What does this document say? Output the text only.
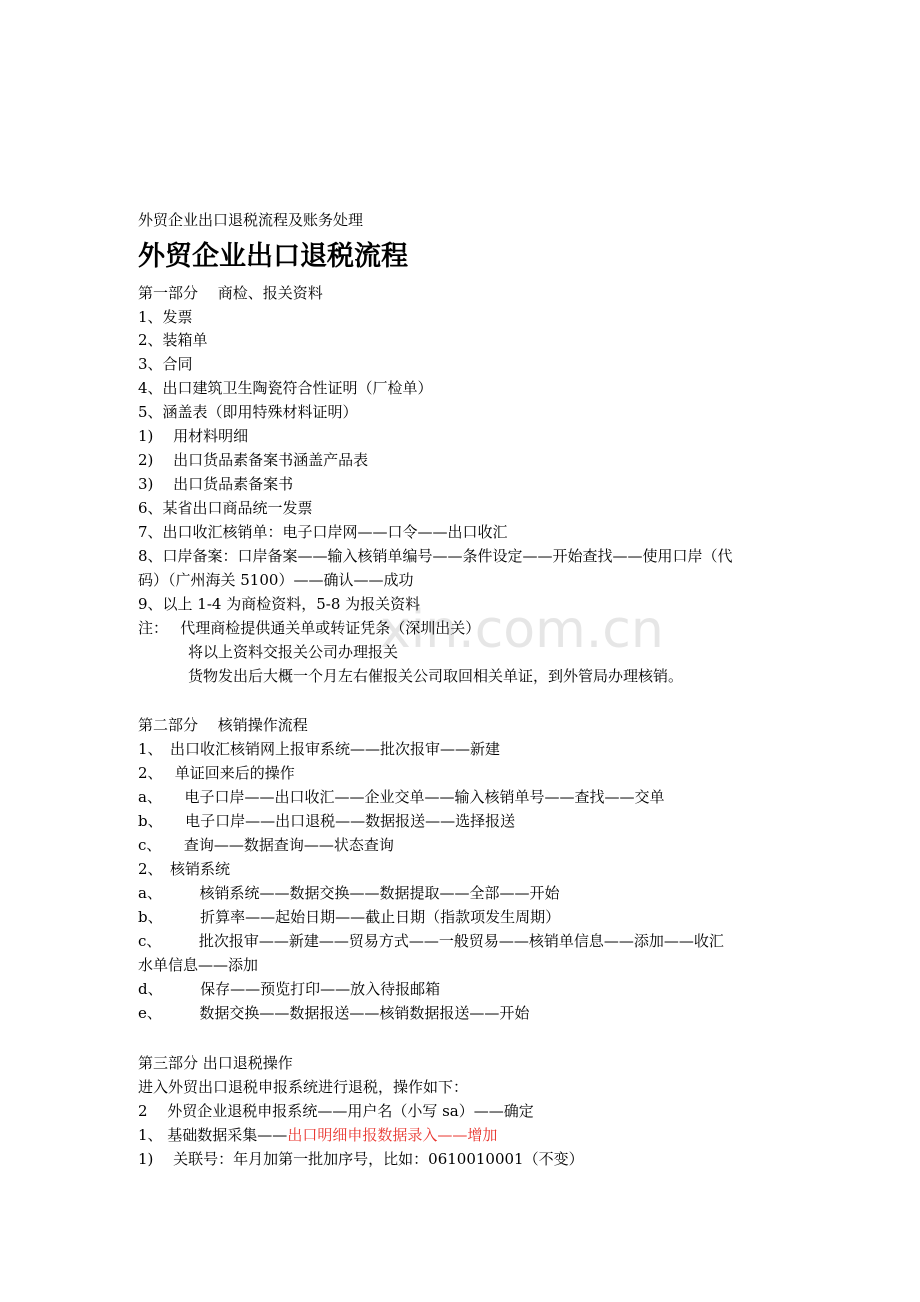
xin.com.cn
外贸企业出口退税流程及账务处理
外贸企业出口退税流程
第一部分　 商检、报关资料
1、发票
2、装箱单
3、合同
4、出口建筑卫生陶瓷符合性证明（厂检单）
5、涵盖表（即用特殊材料证明）
1)　 用材料明细
2)　 出口货品素备案书涵盖产品表
3)　 出口货品素备案书
6、某省出口商品统一发票
7、出口收汇核销单：电子口岸网——口令——出口收汇
8、口岸备案：口岸备案——输入核销单编号——条件设定——开始查找——使用口岸（代
码）（广州海关 5100）——确认——成功
9、以上 1-4 为商检资料，5-8 为报关资料
注：　 代理商检提供通关单或转证凭条（深圳出关）
将以上资料交报关公司办理报关
货物发出后大概一个月左右催报关公司取回相关单证，到外管局办理核销。
第二部分　 核销操作流程
1、　出口收汇核销网上报审系统——批次报审——新建
2、　 单证回来后的操作
a、　　电子口岸——出口收汇——企业交单——输入核销单号——查找——交单
b、　　电子口岸——出口退税——数据报送——选择报送
c、　　查询——数据查询——状态查询
2、　核销系统
a、　　　核销系统——数据交换——数据提取——全部——开始
b、　　　折算率——起始日期——截止日期（指款项发生周期）
c、　　　批次报审——新建——贸易方式——一般贸易——核销单信息——添加——收汇
水单信息——添加
d、　　　保存——预览打印——放入待报邮箱
e、　　　数据交换——数据报送——核销数据报送——开始
第三部分 出口退税操作
进入外贸出口退税申报系统进行退税，操作如下：
2　 外贸企业退税申报系统——用户名（小写 sa）——确定
1、 基础数据采集——出口明细申报数据录入——增加
1)　 关联号：年月加第一批加序号，比如：0610010001（不变）
